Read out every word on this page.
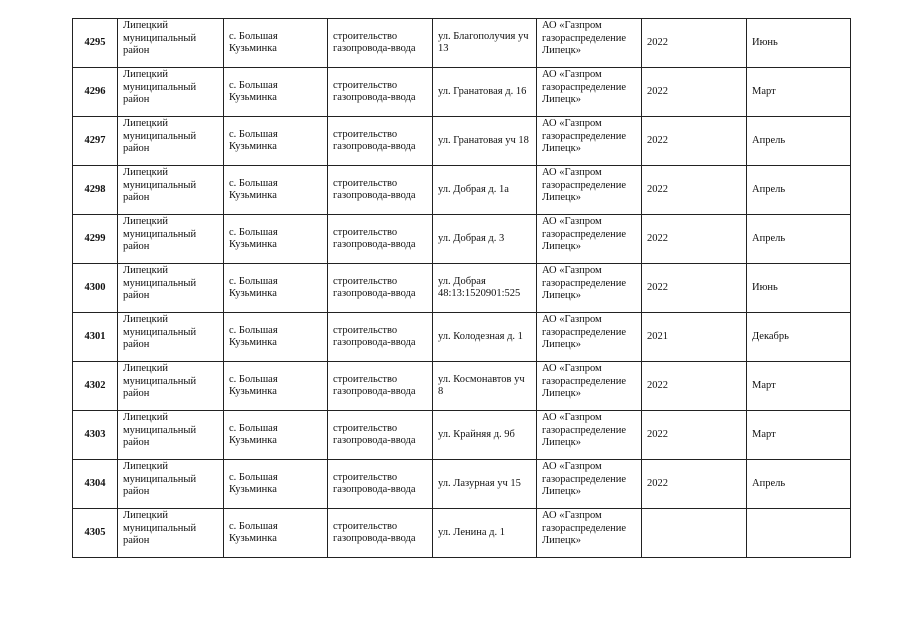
4295	Липецкий муниципальный район	с. Большая Кузьминка	строительство газопровода-ввода	ул. Благополучия уч 13	АО «Газпром газораспределение Липецк»	2022	Июнь
4296	Липецкий муниципальный район	с. Большая Кузьминка	строительство газопровода-ввода	ул. Гранатовая д. 16	АО «Газпром газораспределение Липецк»	2022	Март
4297	Липецкий муниципальный район	с. Большая Кузьминка	строительство газопровода-ввода	ул. Гранатовая уч 18	АО «Газпром газораспределение Липецк»	2022	Апрель
4298	Липецкий муниципальный район	с. Большая Кузьминка	строительство газопровода-ввода	ул. Добрая д. 1а	АО «Газпром газораспределение Липецк»	2022	Апрель
4299	Липецкий муниципальный район	с. Большая Кузьминка	строительство газопровода-ввода	ул. Добрая д. 3	АО «Газпром газораспределение Липецк»	2022	Апрель
4300	Липецкий муниципальный район	с. Большая Кузьминка	строительство газопровода-ввода	ул. Добрая 48:13:1520901:525	АО «Газпром газораспределение Липецк»	2022	Июнь
4301	Липецкий муниципальный район	с. Большая Кузьминка	строительство газопровода-ввода	ул. Колодезная д. 1	АО «Газпром газораспределение Липецк»	2021	Декабрь
4302	Липецкий муниципальный район	с. Большая Кузьминка	строительство газопровода-ввода	ул. Космонавтов уч 8	АО «Газпром газораспределение Липецк»	2022	Март
4303	Липецкий муниципальный район	с. Большая Кузьминка	строительство газопровода-ввода	ул. Крайняя д. 9б	АО «Газпром газораспределение Липецк»	2022	Март
4304	Липецкий муниципальный район	с. Большая Кузьминка	строительство газопровода-ввода	ул. Лазурная уч 15	АО «Газпром газораспределение Липецк»	2022	Апрель
4305	Липецкий муниципальный район	с. Большая Кузьминка	строительство газопровода-ввода	ул. Ленина д. 1	АО «Газпром газораспределение Липецк»		
